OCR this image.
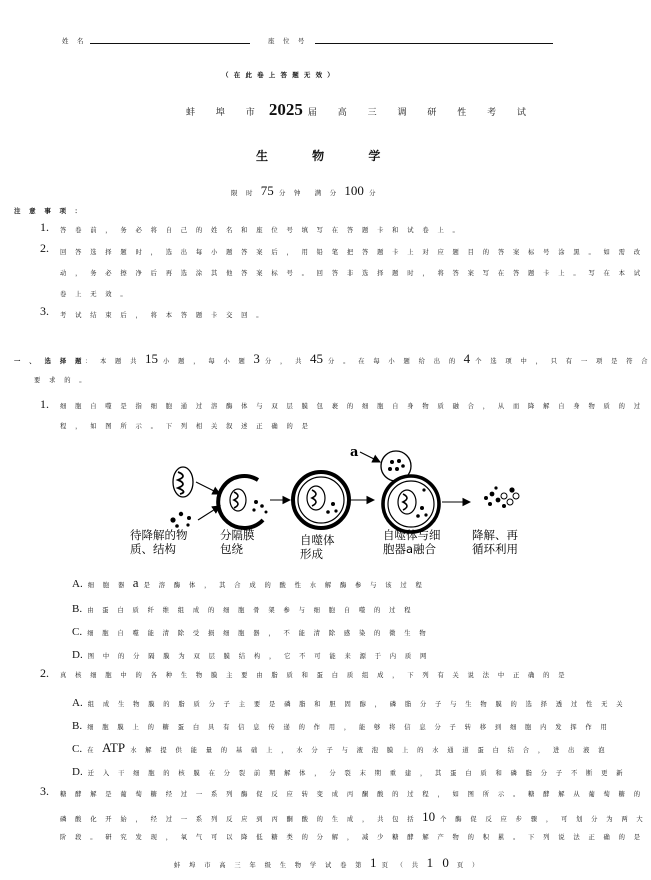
姓 名	座 位 号
（在此卷上答题无效）
蚌 埠 市 2025 届 高 三 调 研 性 考 试
生 物 学
限 时 75 分 钟 满 分 100 分
注 意 事 项 ：
1. 答 卷 前 ， 务 必 将 自 己 的 姓 名 和 座 位 号 填 写 在 答 题 卡 和 试 卷 上 。
2. 回 答 选 择 题 时 ， 选 出 每 小 题 答 案 后 ， 用 铅 笔 把 答 题 卡 上 对 应 题 目 的 答 案 标 号 涂 黑 。 如 需 改
动 ， 务 必 擦 净 后 再 选 涂 其 他 答 案 标 号 。 回 答 非 选 择 题 时 ， 将 答 案 写 在 答 题 卡 上 。 写 在 本 试
卷 上 无 效 。
3. 考 试 结 束 后 ， 将 本 答 题 卡 交 回 。
一 、 选 择 题： 本 题 共 15 小 题 ， 每 小 题 3 分 ， 共 45 分 。 在 每 小 题 给 出 的 4 个 选 项 中 ， 只 有 一 项 是 符 合
要 求 的 。
1. 细 胞 自 噬 是 指 细 胞 通 过 溶 酶 体 与 双 层 膜 包 裹 的 细 胞 自 身 物 质 融 合 ， 从 而 降 解 自 身 物 质 的 过
程 ， 如 图 所 示 。 下 列 相 关 叙 述 正 确 的 是
a
待降解的物
质、结构
分隔膜
包绕
自噬体
形成
自噬体与细
胞器a融合
降解、再
循环利用
A. 细 胞 器 a 是 溶 酶 体 ， 其 合 成 的 酸 性 水 解 酶 参 与 该 过 程
B. 由 蛋 白 质 纤 维 组 成 的 细 胞 骨 架 参 与 细 胞 自 噬 的 过 程
C. 细 胞 自 噬 能 清 除 受 损 细 胞 器 ， 不 能 清 除 感 染 的 微 生 物
D. 图 中 的 分 隔 膜 为 双 层 膜 结 构 ， 它 不 可 能 来 源 于 内 质 网
2. 真 核 细 胞 中 的 各 种 生 物 膜 主 要 由 脂 质 和 蛋 白 质 组 成 ， 下 列 有 关 说 法 中 正 确 的 是
A. 组 成 生 物 膜 的 脂 质 分 子 主 要 是 磷 脂 和 胆 固 醇 ， 磷 脂 分 子 与 生 物 膜 的 选 择 透 过 性 无 关
B. 细 胞 膜 上 的 糖 蛋 白 具 有 信 息 传 递 的 作 用 ， 能 够 将 信 息 分 子 转 移 到 细 胞 内 发 挥 作 用
C. 在 ATP 水 解 提 供 能 量 的 基 础 上 ， 水 分 子 与 液 泡 膜 上 的 水 通 道 蛋 白 结 合 ， 进 出 液 泡
D. 迁 入 干 细 胞 的 核 膜 在 分 裂 前 期 解 体 ， 分 裂 末 期 重 建 ， 其 蛋 白 质 和 磷 脂 分 子 不 断 更 新
3. 糖 酵 解 是 葡 萄 糖 经 过 一 系 列 酶 促 反 应 转 变 成 丙 酮 酸 的 过 程 ， 如 图 所 示 。 糖 酵 解 从 葡 萄 糖 的
磷 酸 化 开 始 ， 经 过 一 系 列 反 应 到 丙 酮 酸 的 生 成 ， 共 包 括 10 个 酶 促 反 应 步 骤 ， 可 划 分 为 两 大
阶 段 。 研 究 发 现 ， 氧 气 可 以 降 低 糖 类 的 分 解 ， 减 少 糖 酵 解 产 物 的 积 累 。 下 列 说 法 正 确 的 是
蚌 埠 市 高 三 年 级 生 物 学 试 卷 第 1 页 （ 共 1 0 页 ）
